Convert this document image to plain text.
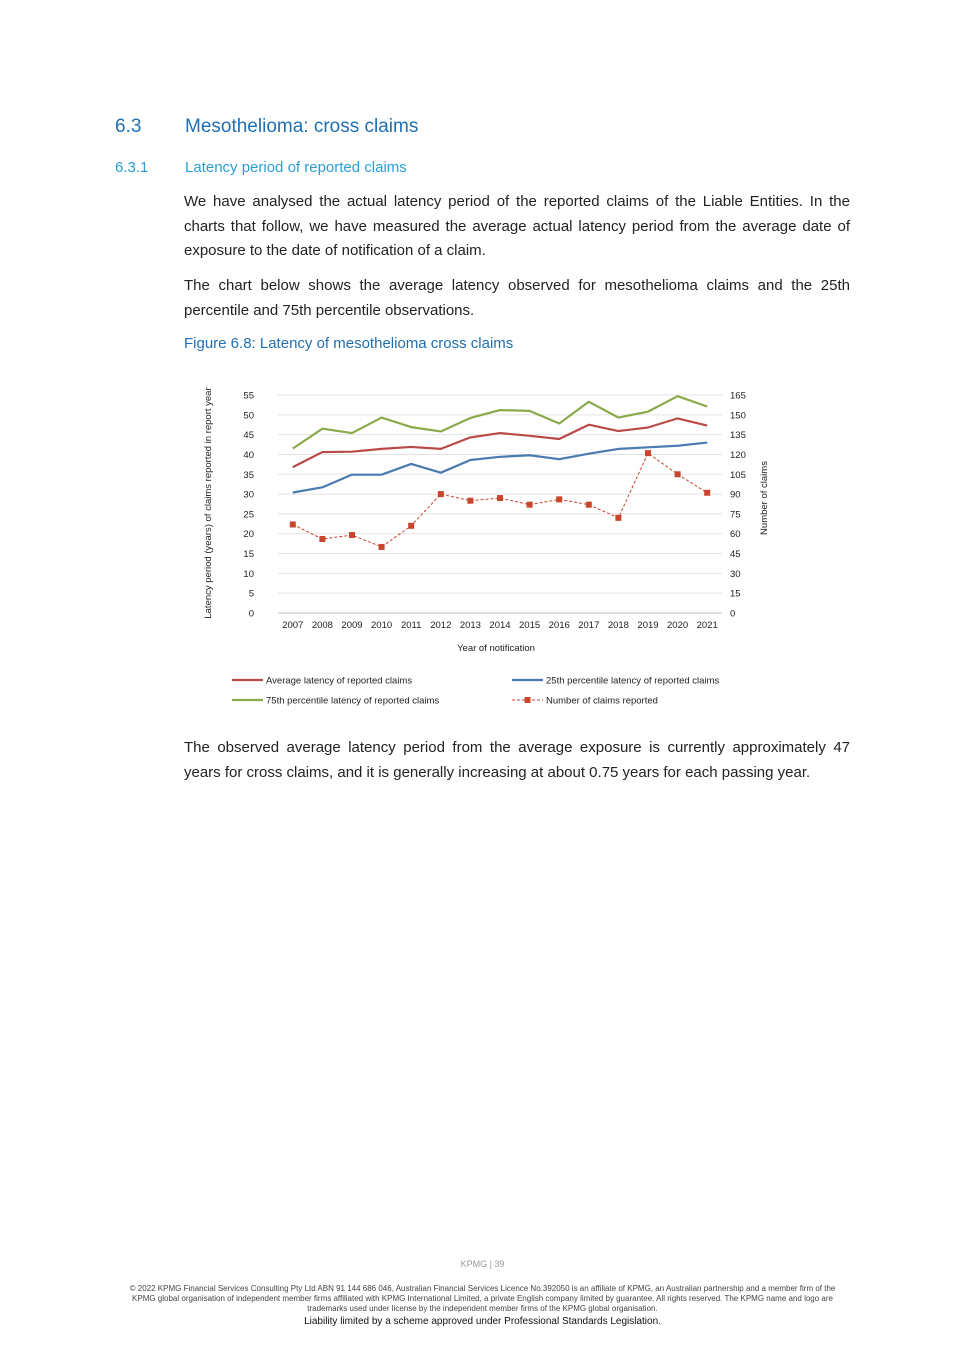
6.3 Mesothelioma: cross claims
6.3.1 Latency period of reported claims
We have analysed the actual latency period of the reported claims of the Liable Entities. In the charts that follow, we have measured the average actual latency period from the average date of exposure to the date of notification of a claim.
The chart below shows the average latency observed for mesothelioma claims and the 25th percentile and 75th percentile observations.
Figure 6.8: Latency of mesothelioma cross claims
0
5
10
15
20
25
30
35
40
45
50
55
0
15
30
45
60
75
90
105
120
135
150
165
2007 2008 2009 2010 2011 2012 2013 2014 2015 2016 2017 2018 2019 2020 2021
Latency period (years) of claims reported in report year	Number of claims
Year of notification
Average latency of reported claims	25th percentile latency of reported claims
75th percentile latency of reported claims	Number of claims reported
The observed average latency period from the average exposure is currently approximately 47 years for cross claims, and it is generally increasing at about 0.75 years for each passing year.
KPMG | 39
© 2022 KPMG Financial Services Consulting Pty Ltd ABN 91 144 686 046, Australian Financial Services Licence No.392050 is an affiliate of KPMG, an Australian partnership and a member firm of the KPMG global organisation of independent member firms affiliated with KPMG International Limited, a private English company limited by guarantee. All rights reserved. The KPMG name and logo are trademarks used under license by the independent member firms of the KPMG global organisation.
Liability limited by a scheme approved under Professional Standards Legislation.
